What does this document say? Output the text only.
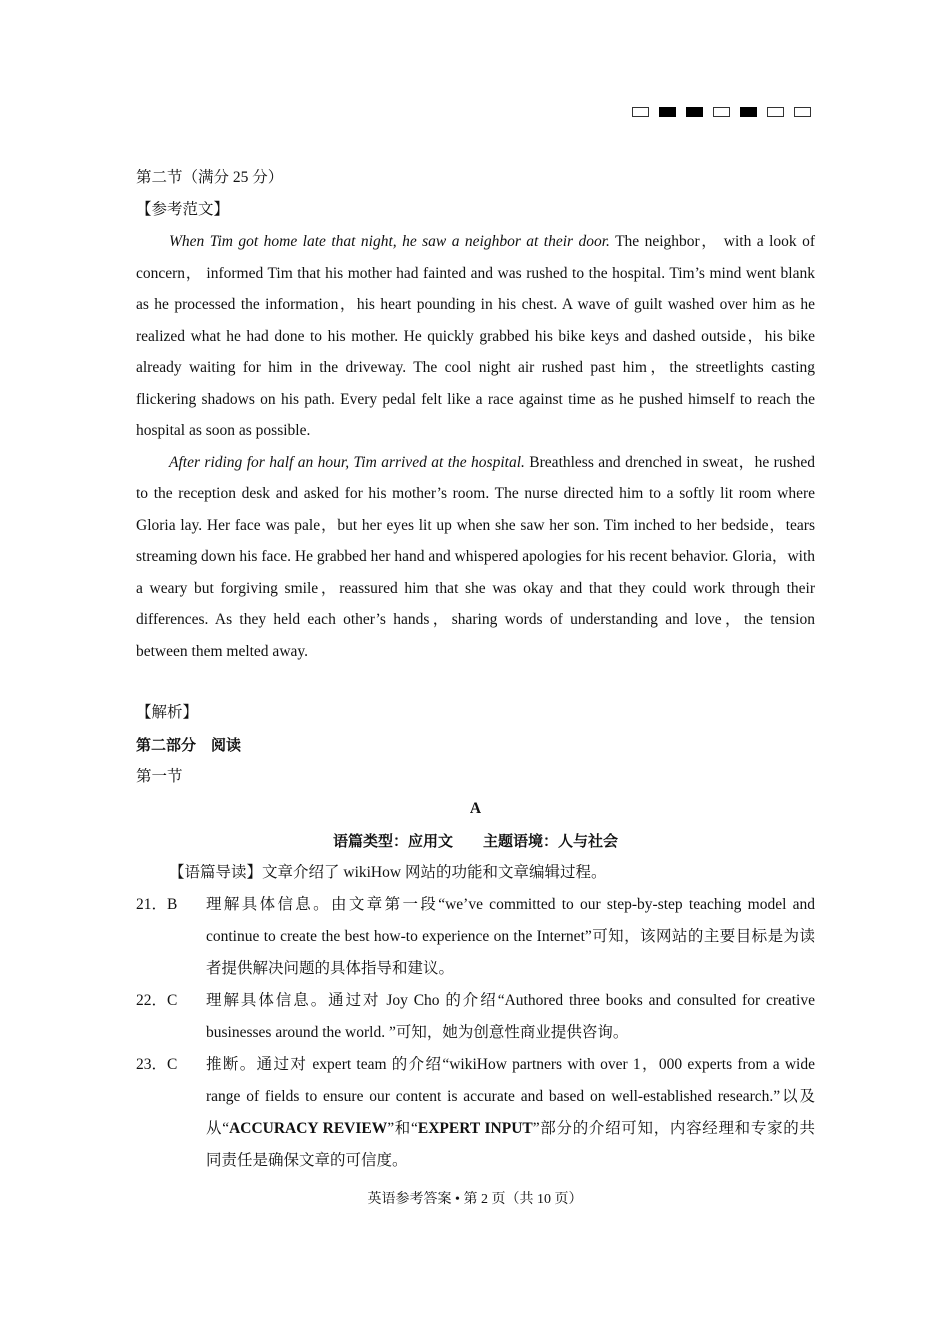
第二节（满分 25 分）
【参考范文】

When Tim got home late that night, he saw a neighbor at their door. The neighbor， with a look of concern， informed Tim that his mother had fainted and was rushed to the hospital. Tim’s mind went blank as he processed the information，his heart pounding in his chest. A wave of guilt washed over him as he realized what he had done to his mother. He quickly grabbed his bike keys and dashed outside，his bike already waiting for him in the driveway. The cool night air rushed past him，the streetlights casting flickering shadows on his path. Every pedal felt like a race against time as he pushed himself to reach the hospital as soon as possible.

After riding for half an hour, Tim arrived at the hospital. Breathless and drenched in sweat，he rushed to the reception desk and asked for his mother’s room. The nurse directed him to a softly lit room where Gloria lay. Her face was pale，but her eyes lit up when she saw her son. Tim inched to her bedside，tears streaming down his face. He grabbed her hand and whispered apologies for his recent behavior. Gloria，with a weary but forgiving smile，reassured him that she was okay and that they could work through their differences. As they held each other’s hands，sharing words of understanding and love，the tension between them melted away.

【解析】
第二部分　阅读
第一节
A
语篇类型：应用文　　主题语境：人与社会
【语篇导读】文章介绍了 wikiHow 网站的功能和文章编辑过程。
21．B	理解具体信息。由文章第一段“we’ve committed to our step-by-step teaching model and continue to create the best how-to experience on the Internet”可知，该网站的主要目标是为读者提供解决问题的具体指导和建议。
22．C	理解具体信息。通过对 Joy Cho 的介绍“Authored three books and consulted for creative businesses around the world. ”可知，她为创意性商业提供咨询。
23．C	推断。通过对 expert team 的介绍“wikiHow partners with over 1，000 experts from a wide range of fields to ensure our content is accurate and based on well-established research.”以及从“ACCURACY REVIEW”和“EXPERT INPUT”部分的介绍可知，内容经理和专家的共同责任是确保文章的可信度。
英语参考答案 • 第 2 页（共 10 页）
